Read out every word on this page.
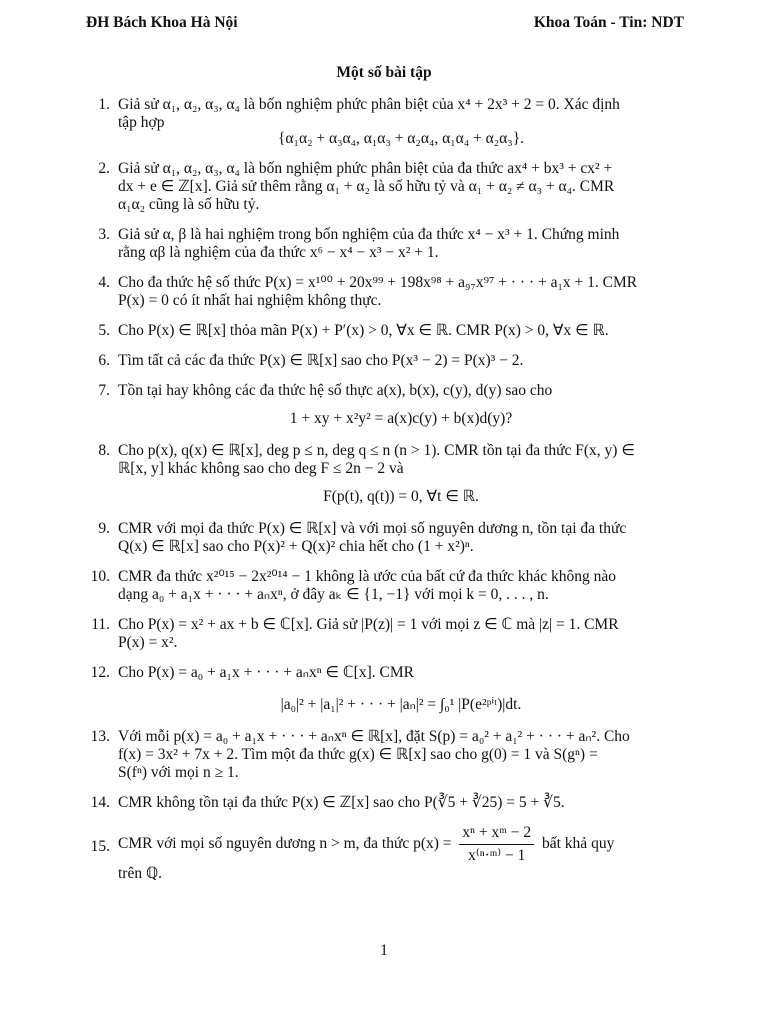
ĐH Bách Khoa Hà Nội	Khoa Toán - Tin: NDT
Một số bài tập
1. Giả sử α₁, α₂, α₃, α₄ là bốn nghiệm phức phân biệt của x⁴ + 2x³ + 2 = 0. Xác định
tập hợp
{α₁α₂ + α₃α₄, α₁α₃ + α₂α₄, α₁α₄ + α₂α₃}.
2. Giả sử α₁, α₂, α₃, α₄ là bốn nghiệm phức phân biệt của đa thức ax⁴ + bx³ + cx² +
dx + e ∈ ℤ[x]. Giả sử thêm rằng α₁ + α₂ là số hữu tỷ và α₁ + α₂ ≠ α₃ + α₄. CMR
α₁α₂ cũng là số hữu tỷ.
3. Giả sử α, β là hai nghiệm trong bốn nghiệm của đa thức x⁴ − x³ + 1. Chứng minh
rằng αβ là nghiệm của đa thức x⁶ − x⁴ − x³ − x² + 1.
4. Cho đa thức hệ số thức P(x) = x¹⁰⁰ + 20x⁹⁹ + 198x⁹⁸ + a₉₇x⁹⁷ + · · · + a₁x + 1. CMR
P(x) = 0 có ít nhất hai nghiệm không thực.
5. Cho P(x) ∈ ℝ[x] thỏa mãn P(x) + P′(x) > 0, ∀x ∈ ℝ. CMR P(x) > 0, ∀x ∈ ℝ.
6. Tìm tất cả các đa thức P(x) ∈ ℝ[x] sao cho P(x³ − 2) = P(x)³ − 2.
7. Tồn tại hay không các đa thức hệ số thực a(x), b(x), c(y), d(y) sao cho
1 + xy + x²y² = a(x)c(y) + b(x)d(y)?
8. Cho p(x), q(x) ∈ ℝ[x], deg p ≤ n, deg q ≤ n (n > 1). CMR tồn tại đa thức F(x, y) ∈
ℝ[x, y] khác không sao cho deg F ≤ 2n − 2 và
F(p(t), q(t)) = 0, ∀t ∈ ℝ.
9. CMR với mọi đa thức P(x) ∈ ℝ[x] và với mọi số nguyên dương n, tồn tại đa thức
Q(x) ∈ ℝ[x] sao cho P(x)² + Q(x)² chia hết cho (1 + x²)ⁿ.
10. CMR đa thức x²⁰¹⁵ − 2x²⁰¹⁴ − 1 không là ước của bất cứ đa thức khác không nào
dạng a₀ + a₁x + · · · + aₙxⁿ, ở đây aₖ ∈ {1, −1} với mọi k = 0, . . . , n.
11. Cho P(x) = x² + ax + b ∈ ℂ[x]. Giả sử |P(z)| = 1 với mọi z ∈ ℂ mà |z| = 1. CMR
P(x) = x².
12. Cho P(x) = a₀ + a₁x + · · · + aₙxⁿ ∈ ℂ[x]. CMR
|a₀|² + |a₁|² + · · · + |aₙ|² = ∫₀¹ |P(e²ᵖⁱᵗ)|dt.
13. Với mỗi p(x) = a₀ + a₁x + · · · + aₙxⁿ ∈ ℝ[x], đặt S(p) = a₀² + a₁² + · · · + aₙ². Cho
f(x) = 3x² + 7x + 2. Tìm một đa thức g(x) ∈ ℝ[x] sao cho g(0) = 1 và S(gⁿ) =
S(fⁿ) với mọi n ≥ 1.
14. CMR không tồn tại đa thức P(x) ∈ ℤ[x] sao cho P(∛5 + ∛25) = 5 + ∛5.
15. CMR với mọi số nguyên dương n > m, đa thức $p(x) = \frac{\text{xⁿ + xᵐ − 2}}{\text{x⁽ⁿ·ᵐ⁾ − 1}}$ bất khả quy
trên ℚ.
1
